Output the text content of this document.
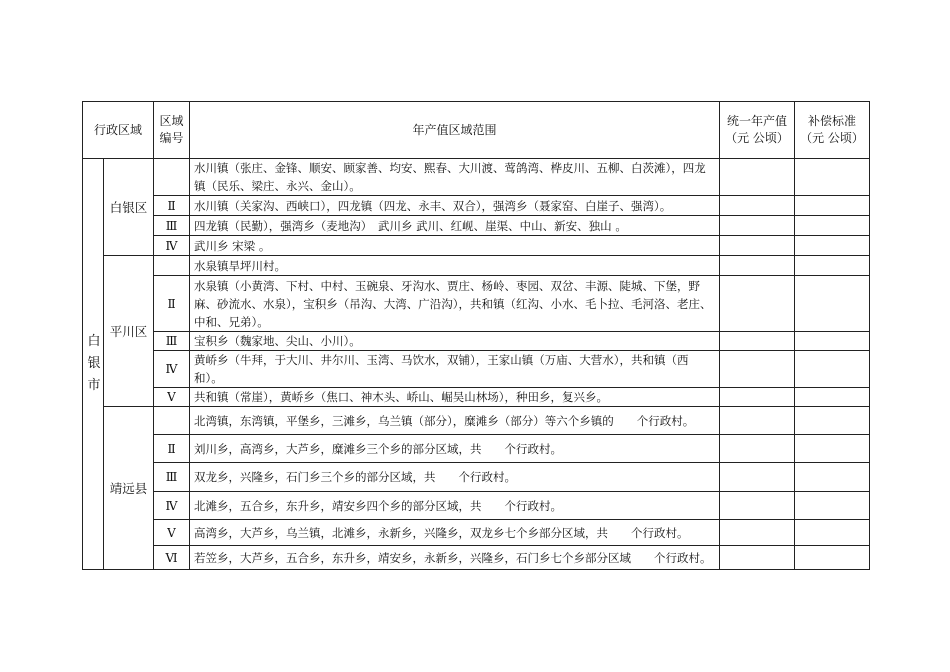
行政区域		区域编号	年产值区域范围	统一年产值（元 公顷）	补偿标准（元 公顷）
白银市	白银区		水川镇（张庄、金锋、顺安、顾家善、均安、熙春、大川渡、莺鸽湾、桦皮川、五柳、白茨滩），四龙镇（民乐、梁庄、永兴、金山）。		
		Ⅱ	水川镇（关家沟、西峡口），四龙镇（四龙、永丰、双合），强湾乡（聂家窑、白崖子、强湾）。		
		Ⅲ	四龙镇（民勤），强湾乡（麦地沟）　武川乡 武川、红岘、崖渠、中山、新安、独山 。		
		Ⅳ	武川乡 宋梁 。		
	平川区		水泉镇旱坪川村。		
		Ⅱ	水泉镇（小黄湾、下村、中村、玉碗泉、牙沟水、贾庄、杨岭、枣园、双岔、丰源、陡城、下堡，野麻、砂流水、水泉），宝积乡（吊沟、大湾、广沿沟），共和镇（红沟、小水、毛卜拉、毛河洛、老庄、中和、兄弟）。		
		Ⅲ	宝积乡（魏家地、尖山、小川）。		
		Ⅳ	黄峤乡（牛拜，于大川、井尔川、玉湾、马饮水，双铺），王家山镇（万庙、大营水），共和镇（西和）。		
		Ⅴ	共和镇（常崖），黄峤乡（焦口、神木头、峤山、崛吴山林场），种田乡，复兴乡。		
	靖远县		北湾镇，东湾镇，平堡乡，三滩乡，乌兰镇（部分），糜滩乡（部分）等六个乡镇的　　个行政村。		
		Ⅱ	刘川乡，高湾乡，大芦乡，糜滩乡三个乡的部分区域，共　　个行政村。		
		Ⅲ	双龙乡，兴隆乡，石门乡三个乡的部分区域，共　　个行政村。		
		Ⅳ	北滩乡，五合乡，东升乡，靖安乡四个乡的部分区域，共　　个行政村。		
		Ⅴ	高湾乡，大芦乡，乌兰镇，北滩乡，永新乡，兴隆乡，双龙乡七个乡部分区域，共　　个行政村。		
		Ⅵ	若笠乡，大芦乡，五合乡，东升乡，靖安乡，永新乡，兴隆乡，石门乡七个乡部分区域　　个行政村。		
